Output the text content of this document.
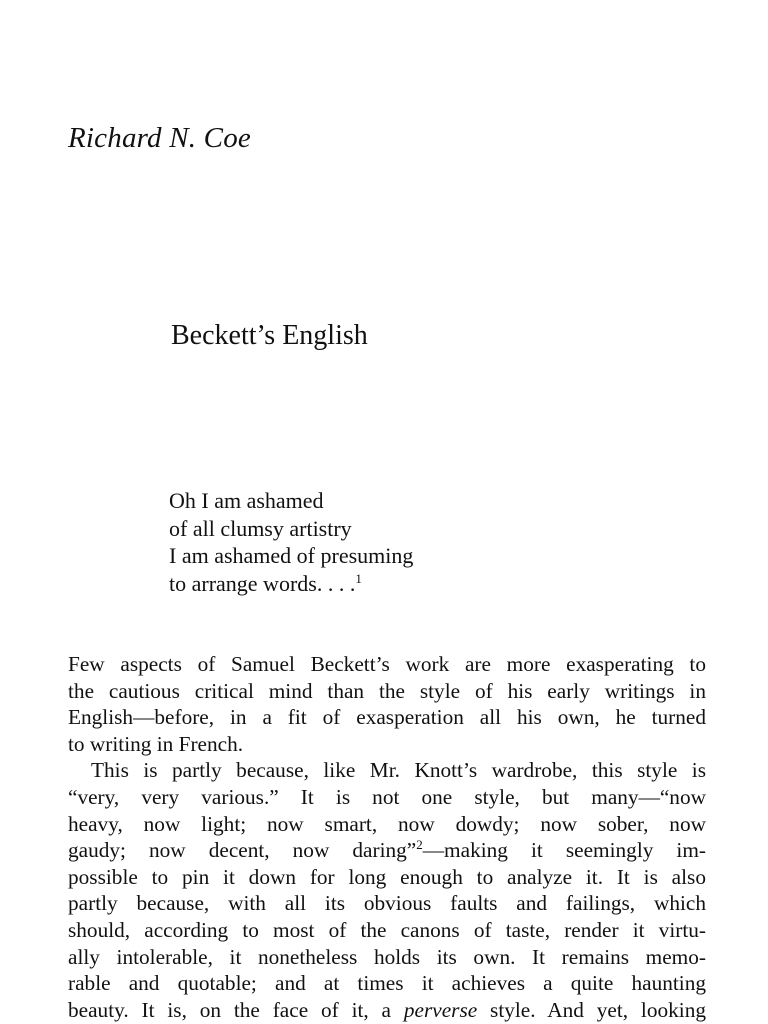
Richard N. Coe
Beckett’s English
Oh I am ashamed
of all clumsy artistry
I am ashamed of presuming
to arrange words. . . .$^1$
Few aspects of Samuel Beckett’s work are more exasperating to
the cautious critical mind than the style of his early writings in
English—before, in a fit of exasperation all his own, he turned
to writing in French.
This is partly because, like Mr. Knott’s wardrobe, this style is
“very, very various.” It is not one style, but many—“now
heavy, now light; now smart, now dowdy; now sober, now
gaudy; now decent, now daring”$^2$—making it seemingly im-
possible to pin it down for long enough to analyze it. It is also
partly because, with all its obvious faults and failings, which
should, according to most of the canons of taste, render it virtu-
ally intolerable, it nonetheless holds its own. It remains memo-
rable and quotable; and at times it achieves a quite haunting
beauty. It is, on the face of it, a perverse style. And yet, looking
